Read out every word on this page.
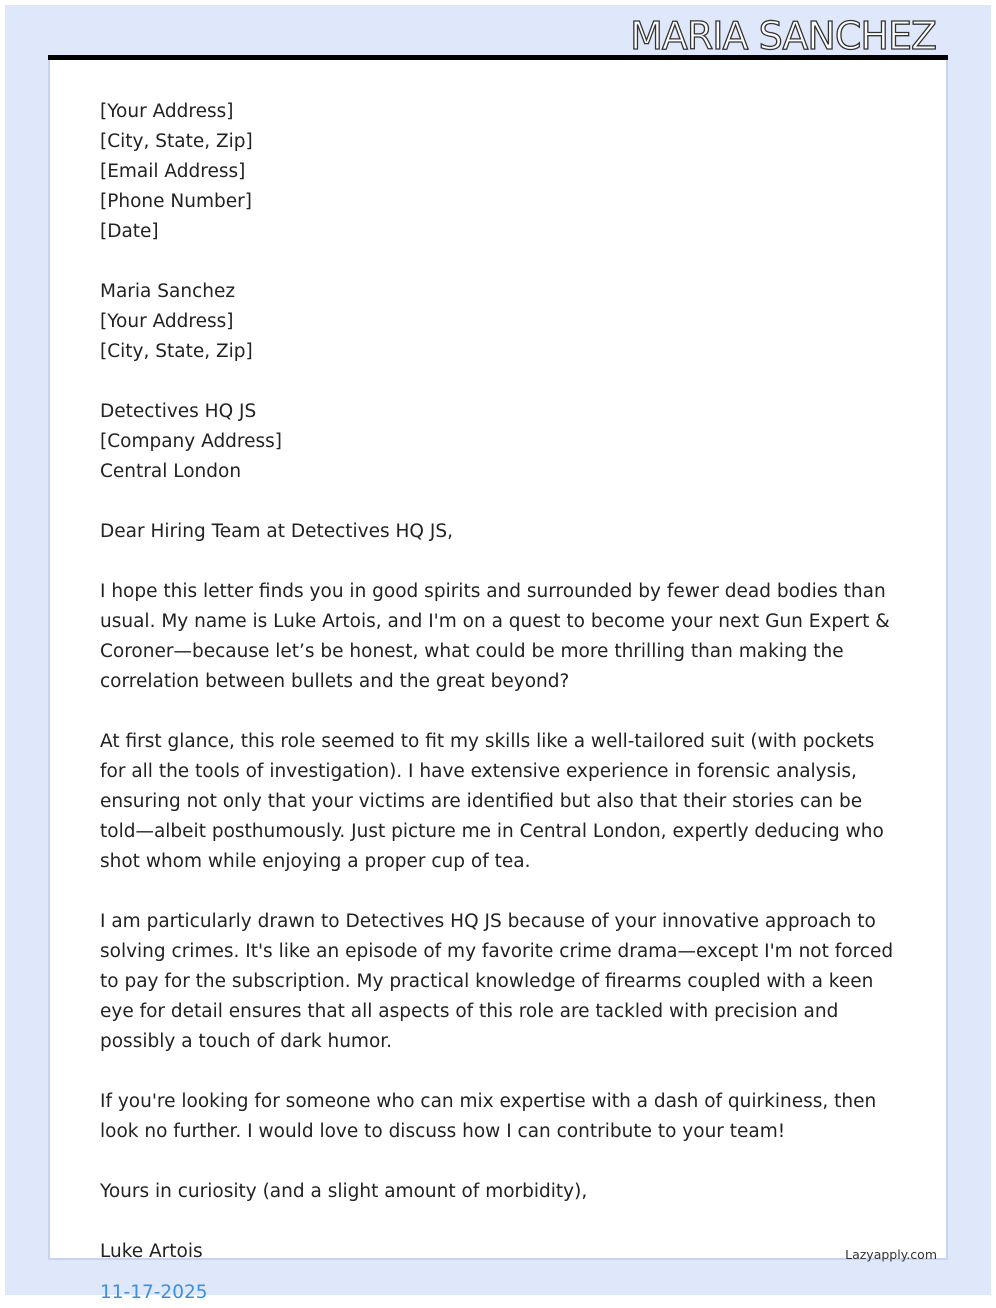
MARIA SANCHEZ
[Your Address]
[City, State, Zip]
[Email Address]
[Phone Number]
[Date]
Maria Sanchez
[Your Address]
[City, State, Zip]
Detectives HQ JS
[Company Address]
Central London
Dear Hiring Team at Detectives HQ JS,

I hope this letter finds you in good spirits and surrounded by fewer dead bodies than usual. My name is Luke Artois, and I'm on a quest to become your next Gun Expert & Coroner—because let’s be honest, what could be more thrilling than making the correlation between bullets and the great beyond?

At first glance, this role seemed to fit my skills like a well-tailored suit (with pockets for all the tools of investigation). I have extensive experience in forensic analysis, ensuring not only that your victims are identified but also that their stories can be told—albeit posthumously. Just picture me in Central London, expertly deducing who shot whom while enjoying a proper cup of tea.

I am particularly drawn to Detectives HQ JS because of your innovative approach to solving crimes. It's like an episode of my favorite crime drama—except I'm not forced to pay for the subscription. My practical knowledge of firearms coupled with a keen eye for detail ensures that all aspects of this role are tackled with precision and possibly a touch of dark humor.

If you're looking for someone who can mix expertise with a dash of quirkiness, then look no further. I would love to discuss how I can contribute to your team!

Yours in curiosity (and a slight amount of morbidity),
Luke Artois	Lazyapply.com
11-17-2025
